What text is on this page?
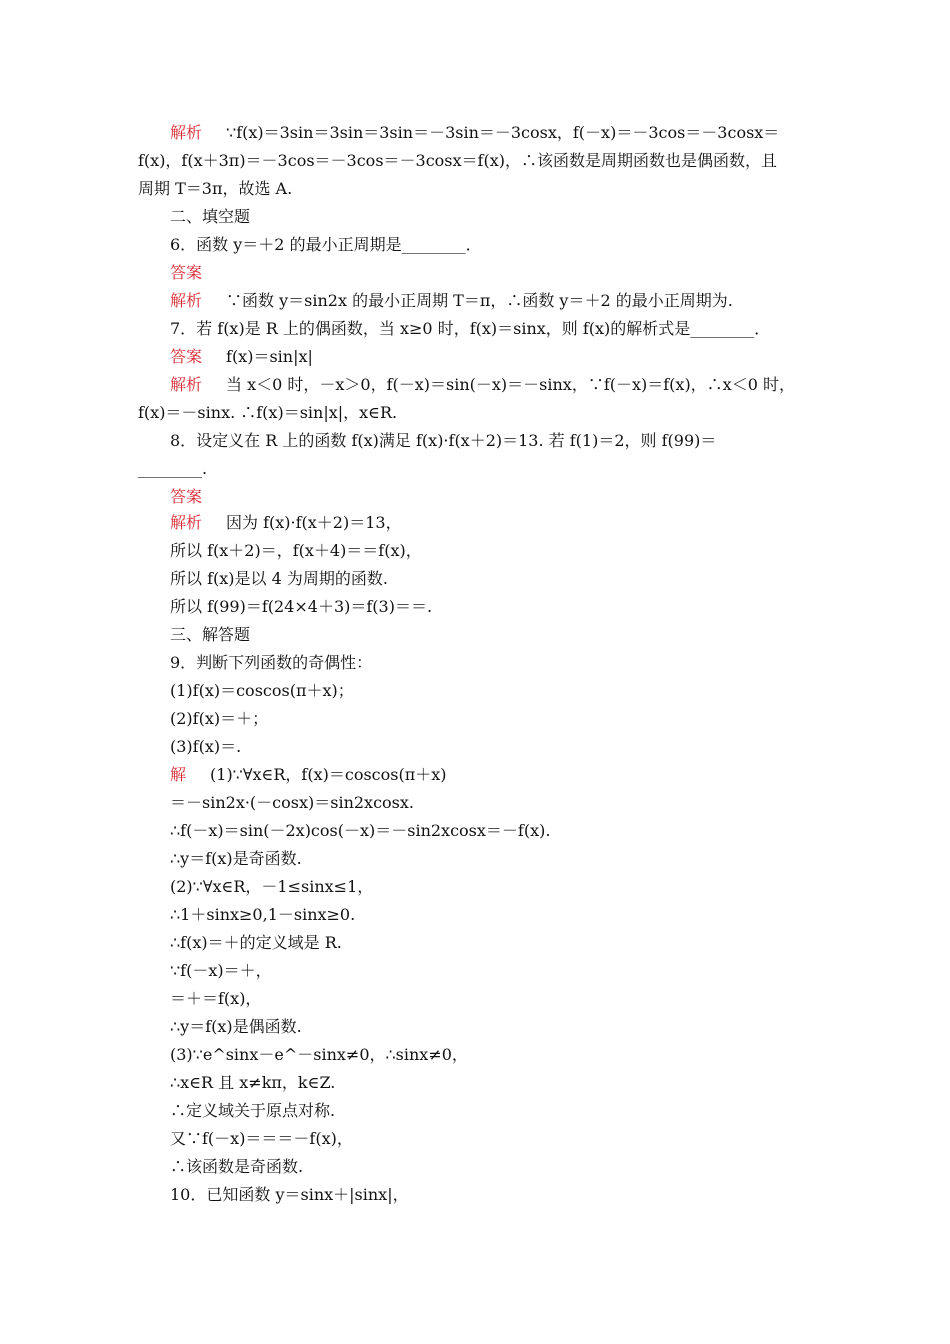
解析 ∵f(x)＝3sin＝3sin＝3sin＝－3sin＝－3cosx，f(－x)＝－3cos＝－3cosx＝
f(x)，f(x＋3π)＝－3cos＝－3cos＝－3cosx＝f(x)，∴该函数是周期函数也是偶函数，且
周期 T＝3π，故选 A.
二、填空题
6．函数 y＝＋2 的最小正周期是________．
答案
解析 ∵函数 y＝sin2x 的最小正周期 T＝π，∴函数 y＝＋2 的最小正周期为.
7．若 f(x)是 R 上的偶函数，当 x≥0 时，f(x)＝sinx，则 f(x)的解析式是________．
答案 f(x)＝sin|x|
解析 当 x＜0 时，－x＞0，f(－x)＝sin(－x)＝－sinx，∵f(－x)＝f(x)，∴x＜0 时，
f(x)＝－sinx. ∴f(x)＝sin|x|，x∈R.
8．设定义在 R 上的函数 f(x)满足 f(x)·f(x＋2)＝13. 若 f(1)＝2，则 f(99)＝
________.
答案
解析 因为 f(x)·f(x＋2)＝13，
所以 f(x＋2)＝，f(x＋4)＝＝f(x)，
所以 f(x)是以 4 为周期的函数.
所以 f(99)＝f(24×4＋3)＝f(3)＝＝.
三、解答题
9．判断下列函数的奇偶性：
(1)f(x)＝coscos(π＋x)；
(2)f(x)＝＋；
(3)f(x)＝.
解 (1)∵∀x∈R，f(x)＝coscos(π＋x)
＝－sin2x·(－cosx)＝sin2xcosx.
∴f(－x)＝sin(－2x)cos(－x)＝－sin2xcosx＝－f(x).
∴y＝f(x)是奇函数.
(2)∵∀x∈R，－1≤sinx≤1，
∴1＋sinx≥0,1－sinx≥0.
∴f(x)＝＋的定义域是 R.
∵f(－x)＝＋，
＝＋＝f(x)，
∴y＝f(x)是偶函数.
(3)∵e^sinx－e^－sinx≠0，∴sinx≠0，
∴x∈R 且 x≠kπ，k∈Z.
∴定义域关于原点对称.
又∵f(－x)＝＝＝－f(x)，
∴该函数是奇函数.
10．已知函数 y＝sinx＋|sinx|，
